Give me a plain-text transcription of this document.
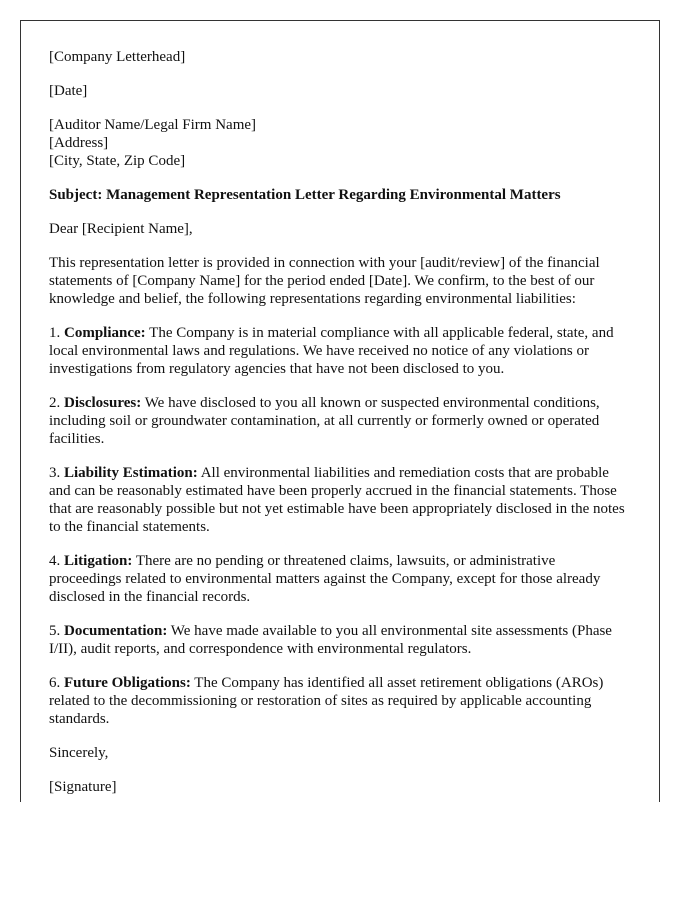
[Company Letterhead]

[Date]

[Auditor Name/Legal Firm Name]

[Address]

[City, State, Zip Code]

Subject: Management Representation Letter Regarding Environmental Matters

Dear [Recipient Name],

This representation letter is provided in connection with your [audit/review] of the financial statements of [Company Name] for the period ended [Date]. We confirm, to the best of our knowledge and belief, the following representations regarding environmental liabilities:

1. Compliance: The Company is in material compliance with all applicable federal, state, and local environmental laws and regulations. We have received no notice of any violations or investigations from regulatory agencies that have not been disclosed to you.

2. Disclosures: We have disclosed to you all known or suspected environmental conditions, including soil or groundwater contamination, at all currently or formerly owned or operated facilities.

3. Liability Estimation: All environmental liabilities and remediation costs that are probable and can be reasonably estimated have been properly accrued in the financial statements. Those that are reasonably possible but not yet estimable have been appropriately disclosed in the notes to the financial statements.

4. Litigation: There are no pending or threatened claims, lawsuits, or administrative proceedings related to environmental matters against the Company, except for those already disclosed in the financial records.

5. Documentation: We have made available to you all environmental site assessments (Phase I/II), audit reports, and correspondence with environmental regulators.

6. Future Obligations: The Company has identified all asset retirement obligations (AROs) related to the decommissioning or restoration of sites as required by applicable accounting standards.

Sincerely,

[Signature]
